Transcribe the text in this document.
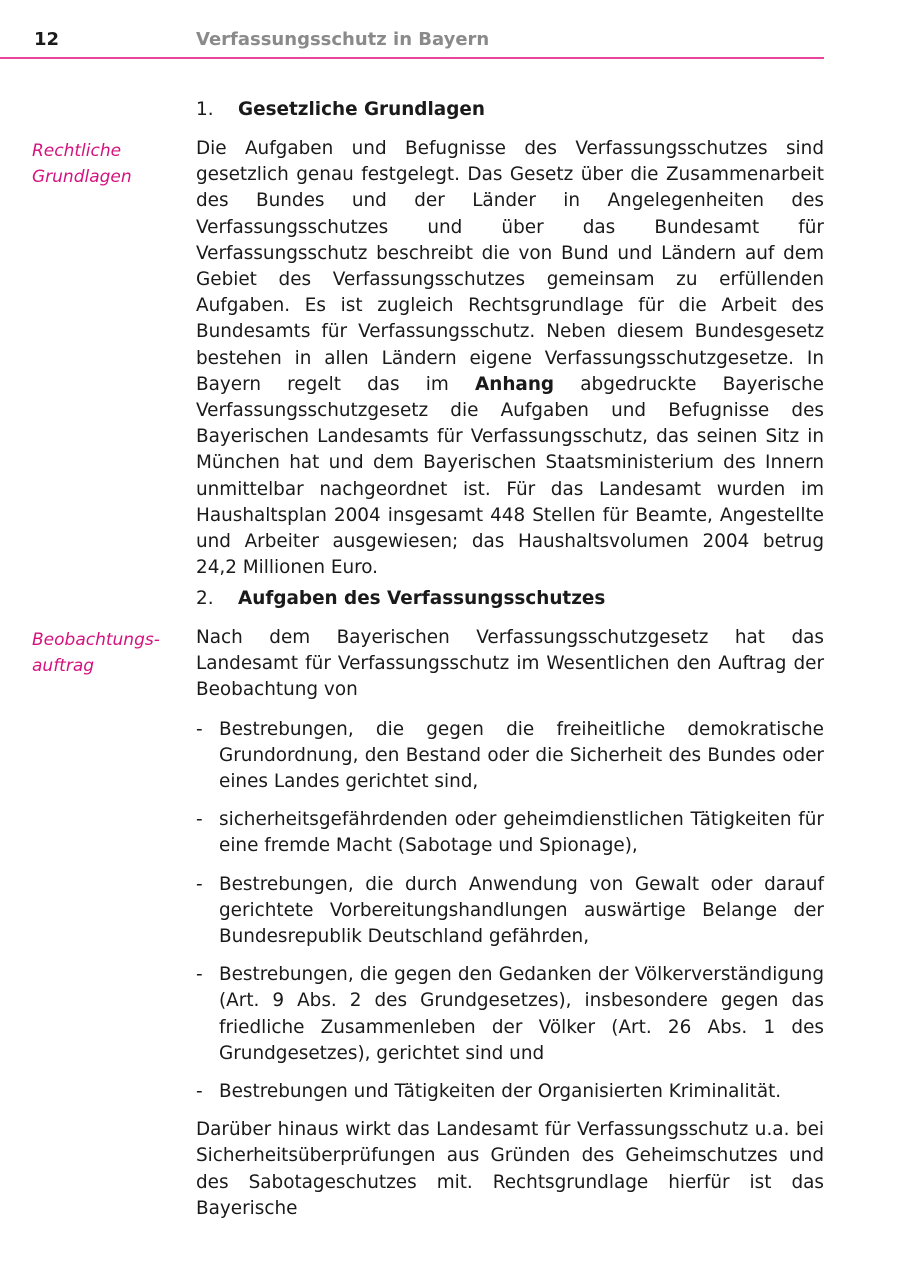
12	Verfassungsschutz in Bayern
1. Gesetzliche Grundlagen

Die Aufgaben und Befugnisse des Verfassungsschutzes sind gesetzlich genau festgelegt. Das Gesetz über die Zusammenarbeit des Bundes und der Länder in Angelegenheiten des Verfassungsschutzes und über das Bundesamt für Verfassungsschutz beschreibt die von Bund und Ländern auf dem Gebiet des Verfassungsschutzes gemeinsam zu erfüllenden Aufgaben. Es ist zugleich Rechtsgrundlage für die Arbeit des Bundesamts für Verfassungsschutz. Neben diesem Bundesgesetz bestehen in allen Ländern eigene Verfassungsschutzgesetze. In Bayern regelt das im Anhang abgedruckte Bayerische Verfassungsschutzgesetz die Aufgaben und Befugnisse des Bayerischen Landesamts für Verfassungsschutz, das seinen Sitz in München hat und dem Bayerischen Staatsministerium des Innern unmittelbar nachgeordnet ist. Für das Landesamt wurden im Haushaltsplan 2004 insgesamt 448 Stellen für Beamte, Angestellte und Arbeiter ausgewiesen; das Haushaltsvolumen 2004 betrug 24,2 Millionen Euro.

Rechtliche
Grundlagen
2. Aufgaben des Verfassungsschutzes

Nach dem Bayerischen Verfassungsschutzgesetz hat das Landesamt für Verfassungsschutz im Wesentlichen den Auftrag der Beobachtung von

- Bestrebungen, die gegen die freiheitliche demokratische Grundordnung, den Bestand oder die Sicherheit des Bundes oder eines Landes gerichtet sind,
- sicherheitsgefährdenden oder geheimdienstlichen Tätigkeiten für eine fremde Macht (Sabotage und Spionage),
- Bestrebungen, die durch Anwendung von Gewalt oder darauf gerichtete Vorbereitungshandlungen auswärtige Belange der Bundesrepublik Deutschland gefährden,
- Bestrebungen, die gegen den Gedanken der Völkerverständigung (Art. 9 Abs. 2 des Grundgesetzes), insbesondere gegen das friedliche Zusammenleben der Völker (Art. 26 Abs. 1 des Grundgesetzes), gerichtet sind und
- Bestrebungen und Tätigkeiten der Organisierten Kriminalität.

Darüber hinaus wirkt das Landesamt für Verfassungsschutz u.a. bei Sicherheitsüberprüfungen aus Gründen des Geheimschutzes und des Sabotageschutzes mit. Rechtsgrundlage hierfür ist das Bayerische

Beobachtungs-
auftrag
